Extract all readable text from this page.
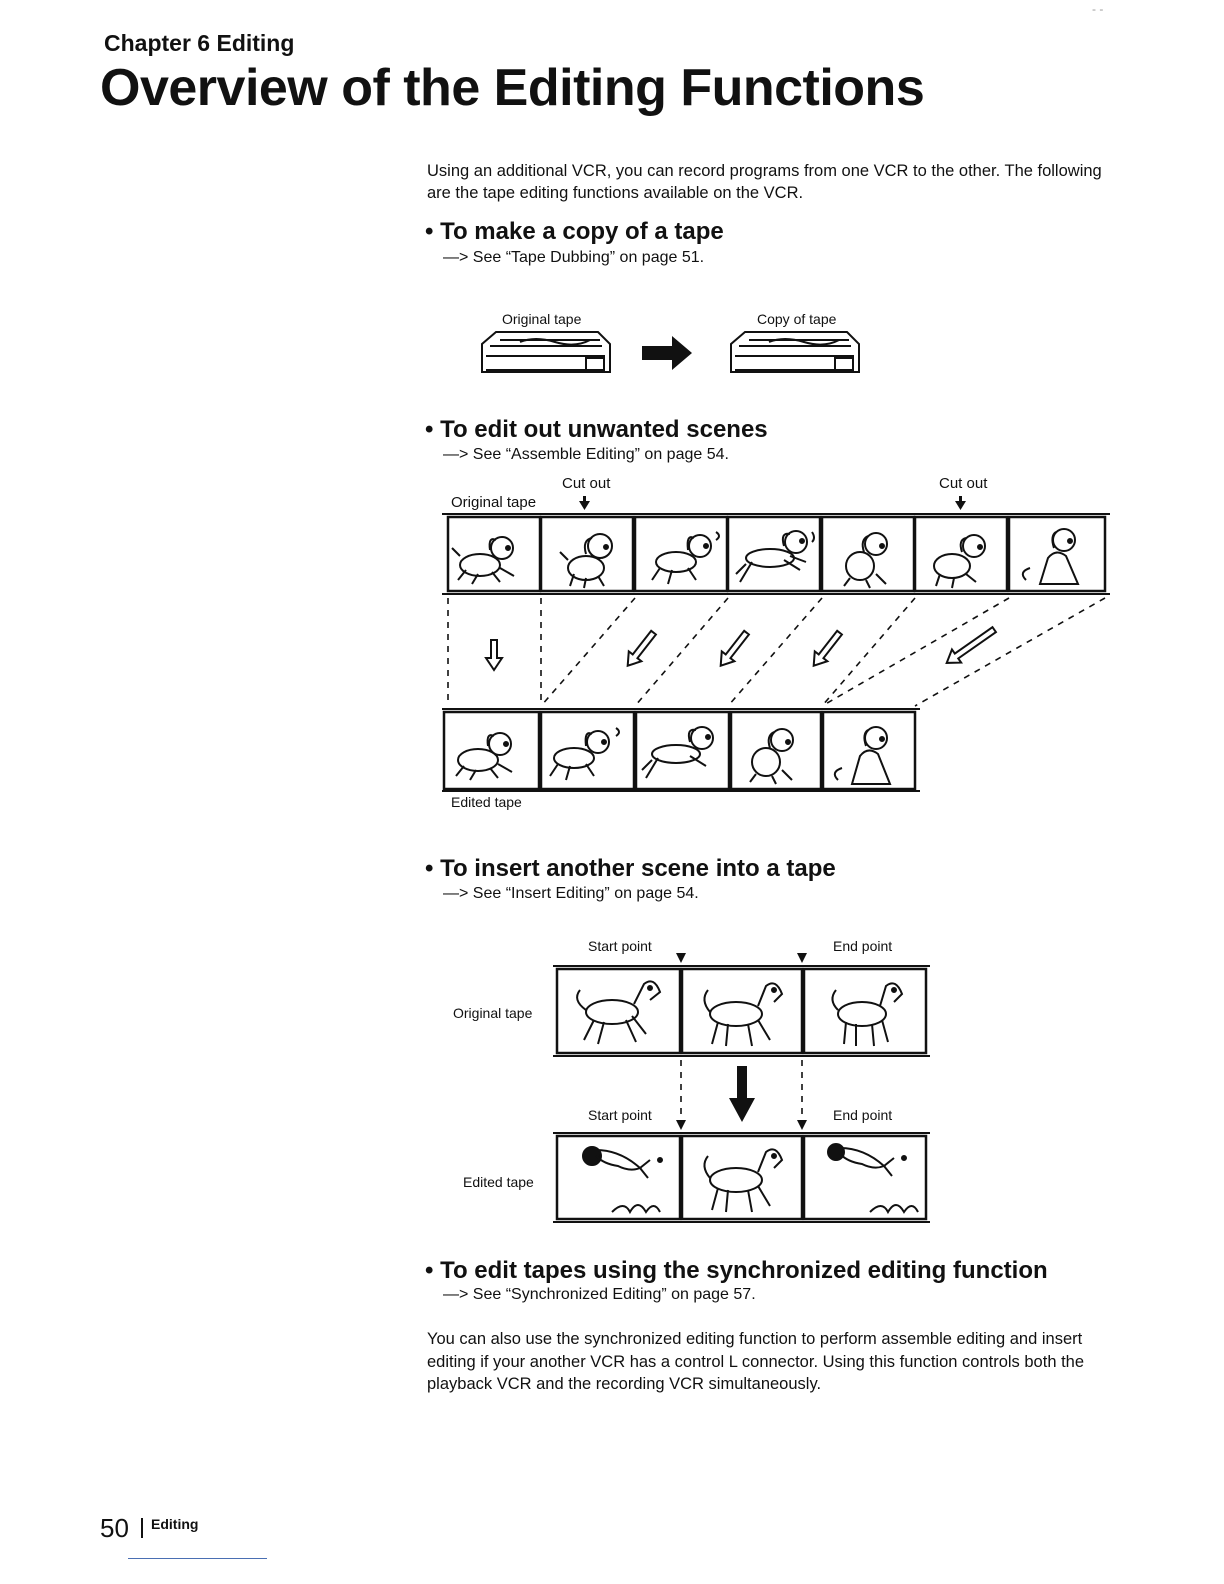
- -
Chapter 6 Editing
Overview of the Editing Functions
Using an additional VCR, you can record programs from one VCR to the other. The following are the tape editing functions available on the VCR.
• To make a copy of a tape
—> See “Tape Dubbing” on page 51.
Original tape	Copy of tape
• To edit out unwanted scenes
—> See “Assemble Editing” on page 54.
Cut out	Cut out
Original tape
Edited tape
• To insert another scene into a tape
—> See “Insert Editing” on page 54.
Start point	End point
Original tape
Start point	End point
Edited tape
• To edit tapes using the synchronized editing function
—> See “Synchronized Editing” on page 57.
You can also use the synchronized editing function to perform assemble editing and insert editing if your another VCR has a control L connector. Using this function controls both the playback VCR and the recording VCR simultaneously.
50 Editing
